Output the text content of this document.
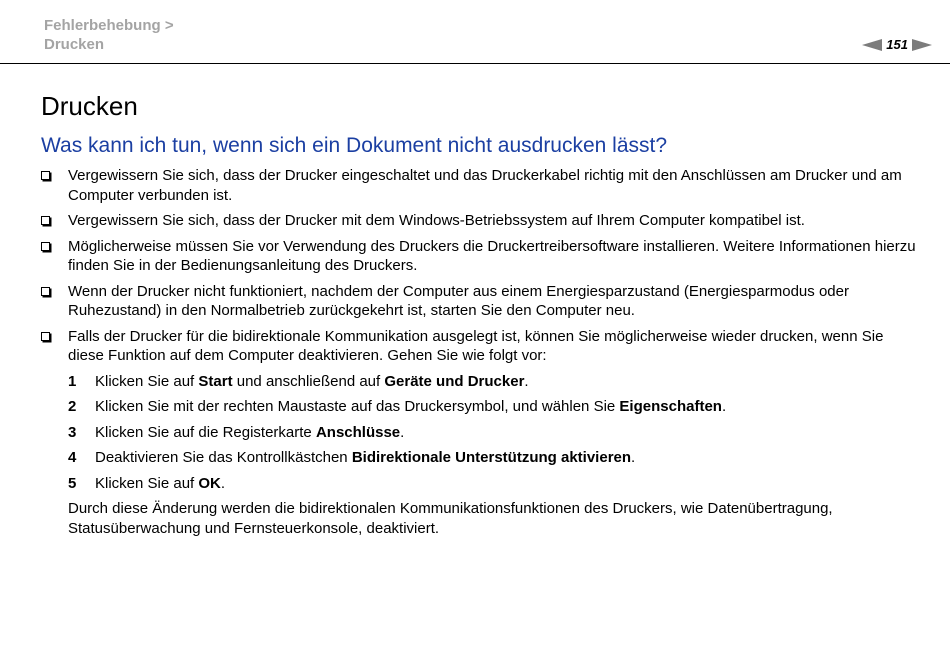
Fehlerbehebung >
Drucken	151
Drucken
Was kann ich tun, wenn sich ein Dokument nicht ausdrucken lässt?
Vergewissern Sie sich, dass der Drucker eingeschaltet und das Druckerkabel richtig mit den Anschlüssen am Drucker und am Computer verbunden ist.
Vergewissern Sie sich, dass der Drucker mit dem Windows-Betriebssystem auf Ihrem Computer kompatibel ist.
Möglicherweise müssen Sie vor Verwendung des Druckers die Druckertreibersoftware installieren. Weitere Informationen hierzu finden Sie in der Bedienungsanleitung des Druckers.
Wenn der Drucker nicht funktioniert, nachdem der Computer aus einem Energiesparzustand (Energiesparmodus oder Ruhezustand) in den Normalbetrieb zurückgekehrt ist, starten Sie den Computer neu.
Falls der Drucker für die bidirektionale Kommunikation ausgelegt ist, können Sie möglicherweise wieder drucken, wenn Sie diese Funktion auf dem Computer deaktivieren. Gehen Sie wie folgt vor:
1 Klicken Sie auf Start und anschließend auf Geräte und Drucker.
2 Klicken Sie mit der rechten Maustaste auf das Druckersymbol, und wählen Sie Eigenschaften.
3 Klicken Sie auf die Registerkarte Anschlüsse.
4 Deaktivieren Sie das Kontrollkästchen Bidirektionale Unterstützung aktivieren.
5 Klicken Sie auf OK.
Durch diese Änderung werden die bidirektionalen Kommunikationsfunktionen des Druckers, wie Datenübertragung, Statusüberwachung und Fernsteuerkonsole, deaktiviert.
